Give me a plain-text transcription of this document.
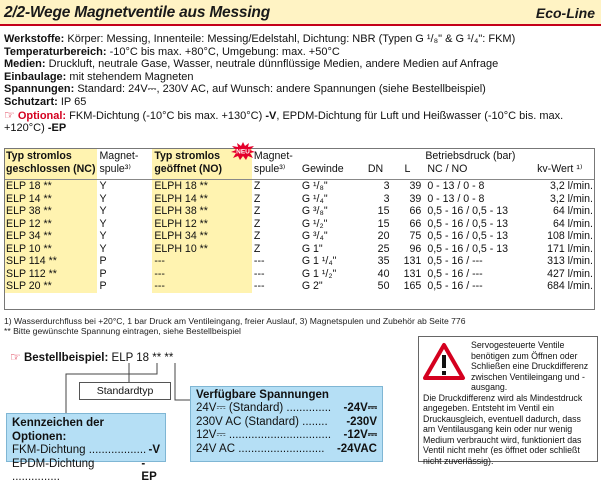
2/2-Wege Magnetventile aus Messing	Eco-Line
Werkstoffe: Körper: Messing, Innenteile: Messing/Edelstahl, Dichtung: NBR (Typen G ¹/₈" & G ¹/₄": FKM)
Temperaturbereich: -10°C bis max. +80°C, Umgebung: max. +50°C
Medien: Druckluft, neutrale Gase, Wasser, neutrale dünnflüssige Medien, andere Medien auf Anfrage
Einbaulage: mit stehendem Magneten
Spannungen: Standard: 24V⎓, 230V AC, auf Wunsch: andere Spannungen (siehe Bestellbeispiel)
Schutzart: IP 65
☞ Optional: FKM-Dichtung (-10°C bis max. +130°C) -V, EPDM-Dichtung für Luft und Heißwasser (-10°C bis. max. +120°C) -EP
Typ stromlos	Magnet-	Typ stromlos	Magnet-				Betriebsdruck (bar)	
geschlossen (NC)	spule³⁾	geöffnet (NO)	spule³⁾	Gewinde	DN	L	NC / NO	kv-Wert ¹⁾
ELP 18 **	Y	ELPH 18 **	Z	G ¹/₈"	3	39	0 - 13 / 0 - 8	3,2 l/min.
ELP 14 **	Y	ELPH 14 **	Z	G ¹/₄"	3	39	0 - 13 / 0 - 8	3,2 l/min.
ELP 38 **	Y	ELPH 38 **	Z	G ³/₈"	15	66	0,5 - 16 / 0,5 - 13	64 l/min.
ELP 12 **	Y	ELPH 12 **	Z	G ¹/₂"	15	66	0,5 - 16 / 0,5 - 13	64 l/min.
ELP 34 **	Y	ELPH 34 **	Z	G ³/₄"	20	75	0,5 - 16 / 0,5 - 13	108 l/min.
ELP 10 **	Y	ELPH 10 **	Z	G 1"	25	96	0,5 - 16 / 0,5 - 13	171 l/min.
SLP 114 **	P	---	---	G 1 ¹/₄"	35	131	0,5 - 16 / ---	313 l/min.
SLP 112 **	P	---	---	G 1 ¹/₂"	40	131	0,5 - 16 / ---	427 l/min.
SLP 20 **	P	---	---	G 2"	50	165	0,5 - 16 / ---	684 l/min.
NEU
1) Wasserdurchfluss bei +20°C, 1 bar Druck am Ventileingang, freier Auslauf, 3) Magnetspulen und Zubehör ab Seite 776
** Bitte gewünschte Spannung eintragen, siehe Bestellbeispiel
☞ Bestellbeispiel: ELP 18 ** **
Standardtyp
Kennzeichen der Optionen:
FKM-Dichtung .................. -V
EPDM-Dichtung ...............
-EP
Verfügbare Spannungen
24V⎓ (Standard) .............. -24V⎓
230V AC (Standard) ........ -230V
12V⎓ ................................ -12V⎓
24V AC ........................... -24VAC
Servogesteuerte Ventile benötigen zum Öffnen oder Schließen eine Druckdifferenz zwischen Ventileingang und -ausgang.
Die Druckdifferenz wird als Mindestdruck angegeben. Entsteht im Ventil ein Druckausgleich, eventuell dadurch, dass am Ventilausgang kein oder nur wenig Medium verbraucht wird, funktioniert das Ventil nicht mehr (es öffnet oder schließt nicht zuverlässig).
